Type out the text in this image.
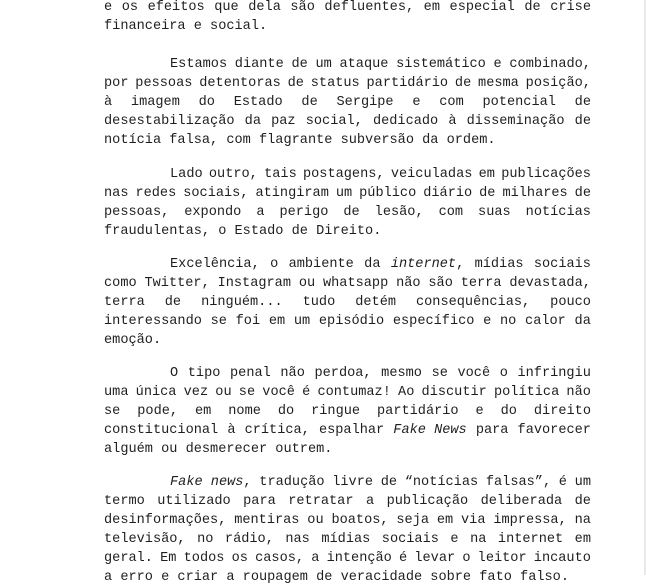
e os efeitos que dela são defluentes, em especial de crise
financeira e social.
Estamos diante de um ataque sistemático e combinado,
por pessoas detentoras de status partidário de mesma posição,
à imagem do Estado de Sergipe e com potencial de
desestabilização da paz social, dedicado à disseminação de
notícia falsa, com flagrante subversão da ordem.
Lado outro, tais postagens, veiculadas em publicações
nas redes sociais, atingiram um público diário de milhares de
pessoas, expondo a perigo de lesão, com suas notícias
fraudulentas, o Estado de Direito.
Excelência, o ambiente da internet, mídias sociais
como Twitter, Instagram ou whatsapp não são terra devastada,
terra de ninguém... tudo detém consequências, pouco
interessando se foi em um episódio específico e no calor da
emoção.
O tipo penal não perdoa, mesmo se você o infringiu
uma única vez ou se você é contumaz! Ao discutir política não
se pode, em nome do ringue partidário e do direito
constitucional à crítica, espalhar Fake News para favorecer
alguém ou desmerecer outrem.
Fake news, tradução livre de “notícias falsas”, é um
termo utilizado para retratar a publicação deliberada de
desinformações, mentiras ou boatos, seja em via impressa, na
televisão, no rádio, nas mídias sociais e na internet em
geral. Em todos os casos, a intenção é levar o leitor incauto
a erro e criar a roupagem de veracidade sobre fato falso.
